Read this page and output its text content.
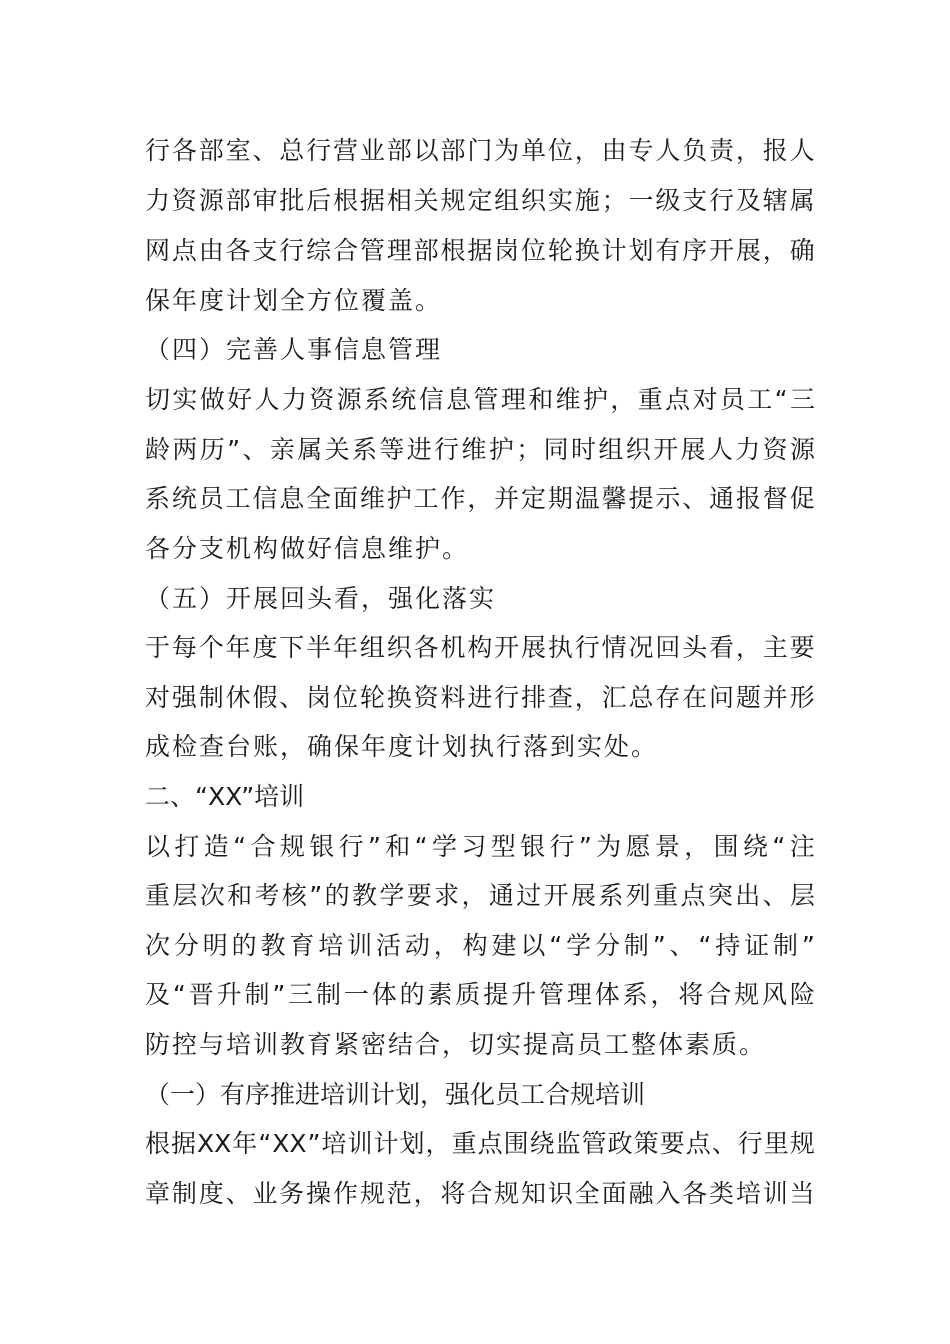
行 各 部 室 、 总 行 营 业 部 以 部 门 为 单 位 ， 由 专 人 负 责 ， 报 人
力 资 源 部 审 批 后 根 据 相 关 规 定 组 织 实 施 ； 一 级 支 行 及 辖 属
网 点 由 各 支 行 综 合 管 理 部 根 据 岗 位 轮 换 计 划 有 序 开 展 ， 确
保年度计划全方位覆盖。
（四）完善人事信息管理
切 实 做 好 人 力 资 源 系 统 信 息 管 理 和 维 护 ， 重 点 对 员 工 “ 三
龄 两 历 ” 、 亲 属 关 系 等 进 行 维 护 ； 同 时 组 织 开 展 人 力 资 源
系 统 员 工 信 息 全 面 维 护 工 作 ， 并 定 期 温 馨 提 示 、 通 报 督 促
各分支机构做好信息维护。
（五）开展回头看，强化落实
于 每 个 年 度 下 半 年 组 织 各 机 构 开 展 执 行 情 况 回 头 看 ， 主 要
对 强 制 休 假 、 岗 位 轮 换 资 料 进 行 排 查 ， 汇 总 存 在 问 题 并 形
成检查台账，确保年度计划执行落到实处。
二、“XX”培训
以 打 造 “ 合 规 银 行 ” 和 “ 学 习 型 银 行 ” 为 愿 景 ， 围 绕 “ 注
重 层 次 和 考 核 ” 的 教 学 要 求 ， 通 过 开 展 系 列 重 点 突 出 、 层
次 分 明 的 教 育 培 训 活 动 ， 构 建 以 “ 学 分 制 ” 、 “ 持 证 制 ”
及 “ 晋 升 制 ” 三 制 一 体 的 素 质 提 升 管 理 体 系 ， 将 合 规 风 险
防控与培训教育紧密结合，切实提高员工整体素质。
（一）有序推进培训计划，强化员工合规培训
根 据 XX 年 “ XX ” 培 训 计 划 ， 重 点 围 绕 监 管 政 策 要 点 、 行 里 规
章 制 度 、 业 务 操 作 规 范 ， 将 合 规 知 识 全 面 融 入 各 类 培 训 当
